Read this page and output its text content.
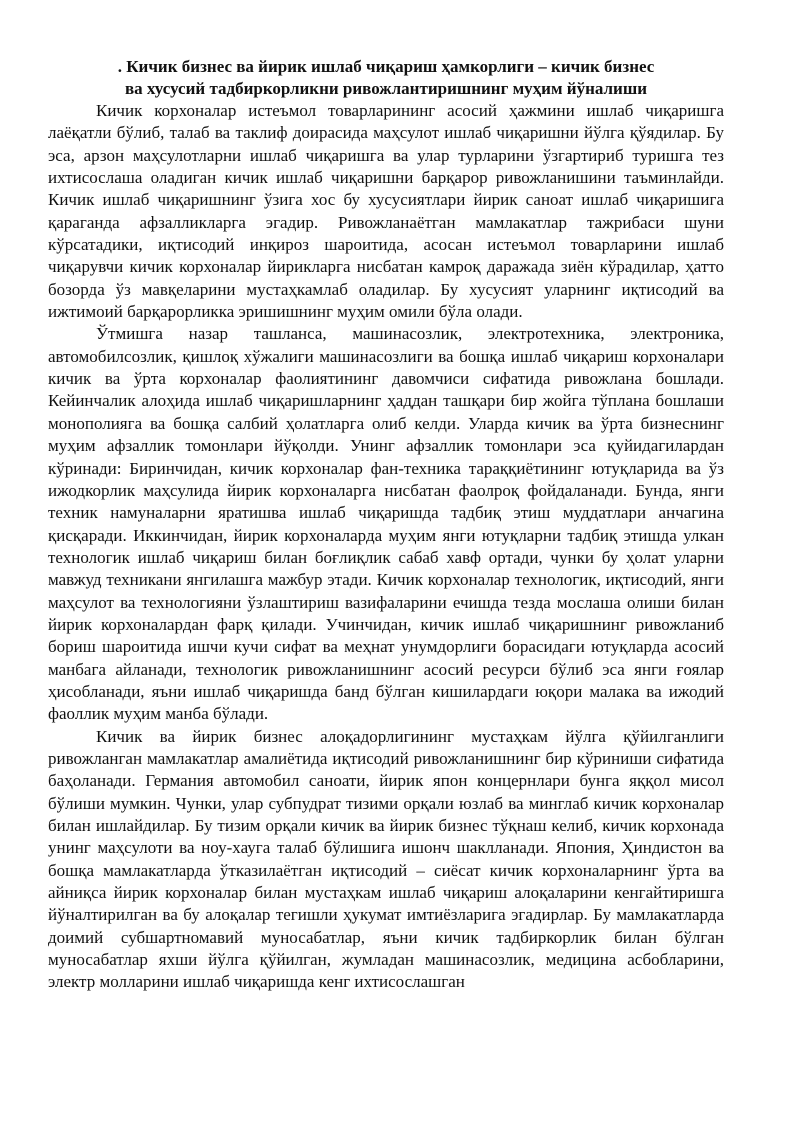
. Кичик бизнес ва йирик ишлаб чиқариш ҳамкорлиги – кичик бизнес
ва хусусий тадбиркорликни ривожлантиришнинг муҳим йўналиши

Кичик корхоналар истеъмол товарларининг асосий ҳажмини ишлаб чиқаришга лаёқатли бўлиб, талаб ва таклиф доирасида маҳсулот ишлаб чиқаришни йўлга қўядилар. Бу эса, арзон маҳсулотларни ишлаб чиқаришга ва улар турларини ўзгартириб туришга тез ихтисослаша оладиган кичик ишлаб чиқаришни барқарор ривожланишини таъминлайди. Кичик ишлаб чиқаришнинг ўзига хос бу хусусиятлари йирик саноат ишлаб чиқаришига қараганда афзалликларга эгадир. Ривожланаётган мамлакатлар тажрибаси шуни кўрсатадики, иқтисодий инқироз шароитида, асосан истеъмол товарларини ишлаб чиқарувчи кичик корхоналар йирикларга нисбатан камроқ даражада зиён кўрадилар, ҳатто бозорда ўз мавқеларини мустаҳкамлаб оладилар. Бу хусусият уларнинг иқтисодий ва ижтимоий барқарорликка эришишнинг муҳим омили бўла олади.

Ўтмишга назар ташланса, машинасозлик, электротехника, электроника, автомобилсозлик, қишлоқ хўжалиги машинасозлиги ва бошқа ишлаб чиқариш корхоналари кичик ва ўрта корхоналар фаолиятининг давомчиси сифатида ривожлана бошлади. Кейинчалик алоҳида ишлаб чиқаришларнинг ҳаддан ташқари бир жойга тўплана бошлаши монополияга ва бошқа салбий ҳолатларга олиб келди. Уларда кичик ва ўрта бизнеснинг муҳим афзаллик томонлари йўқолди. Унинг афзаллик томонлари эса қуйидагилардан кўринади: Биринчидан, кичик корхоналар фан-техника тараққиётининг ютуқларида ва ўз ижодкорлик маҳсулида йирик корхоналарга нисбатан фаолроқ фойдаланади. Бунда, янги техник намуналарни яратишва ишлаб чиқаришда тадбиқ этиш муддатлари анчагина қисқаради. Иккинчидан, йирик корхоналарда муҳим янги ютуқларни тадбиқ этишда улкан технологик ишлаб чиқариш билан боғлиқлик сабаб хавф ортади, чунки бу ҳолат уларни мавжуд техникани янгилашга мажбур этади. Кичик корхоналар технологик, иқтисодий, янги маҳсулот ва технологияни ўзлаштириш вазифаларини ечишда тезда мослаша олиши билан йирик корхоналардан фарқ қилади. Учинчидан, кичик ишлаб чиқаришнинг ривожланиб бориш шароитида ишчи кучи сифат ва меҳнат унумдорлиги борасидаги ютуқларда асосий манбага айланади, технологик ривожланишнинг асосий ресурси бўлиб эса янги ғоялар ҳисобланади, яъни ишлаб чиқаришда банд бўлган кишилардаги юқори малака ва ижодий фаоллик муҳим манба бўлади.

Кичик ва йирик бизнес алоқадорлигининг мустаҳкам йўлга қўйилганлиги ривожланган мамлакатлар амалиётида иқтисодий ривожланишнинг бир кўриниши сифатида баҳоланади. Германия автомобил саноати, йирик япон концернлари бунга яққол мисол бўлиши мумкин. Чунки, улар субпудрат тизими орқали юзлаб ва минглаб кичик корхоналар билан ишлайдилар. Бу тизим орқали кичик ва йирик бизнес тўқнаш келиб, кичик корхонада унинг маҳсулоти ва ноу-хауга талаб бўлишига ишонч шаклланади. Япония, Ҳиндистон ва бошқа мамлакатларда ўтказилаётган иқтисодий – сиёсат кичик корхоналарнинг ўрта ва айниқса йирик корхоналар билан мустаҳкам ишлаб чиқариш алоқаларини кенгайтиришга йўналтирилган ва бу алоқалар тегишли ҳукумат имтиёзларига эгадирлар. Бу мамлакатларда доимий субшартномавий муносабатлар, яъни кичик тадбиркорлик билан бўлган муносабатлар яхши йўлга қўйилган, жумладан машинасозлик, медицина асбобларини, электр молларини ишлаб чиқаришда кенг ихтисослашган
